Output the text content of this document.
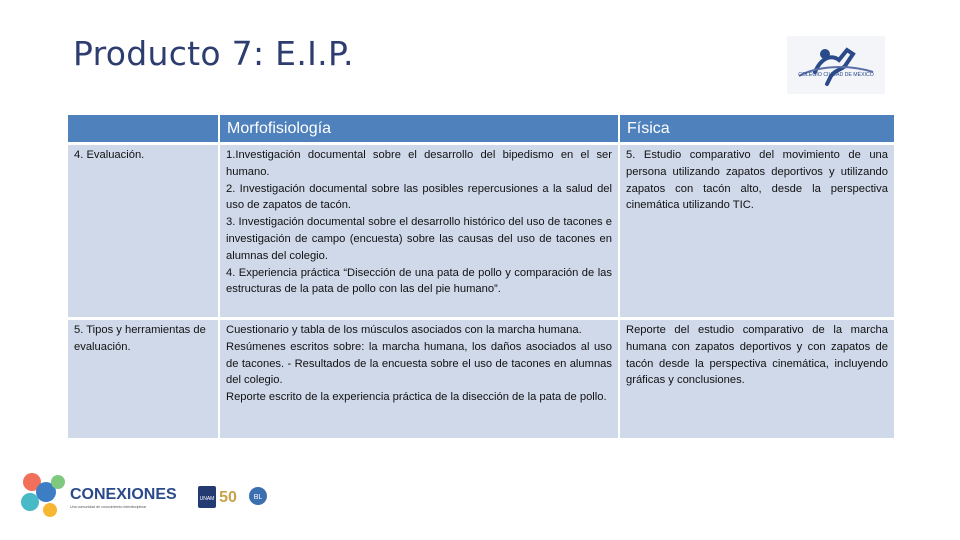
Producto 7: E.I.P.
COLEGIO CIUDAD DE MÉXICO
	Morfofisiología	Física

4. Evaluación.	1.Investigación documental sobre el desarrollo del bipedismo en el ser humano.
2. Investigación documental sobre las posibles repercusiones a la salud del uso de zapatos de tacón.
3. Investigación documental sobre el desarrollo histórico del uso de tacones e investigación de campo (encuesta) sobre las causas del uso de tacones en alumnas del colegio.
4. Experiencia práctica “Disección de una pata de pollo y comparación de las estructuras de la pata de pollo con las del pie humano”.	5. Estudio comparativo del movimiento de una persona utilizando zapatos deportivos y utilizando zapatos con tacón alto, desde la perspectiva cinemática utilizando TIC.

5. Tipos y herramientas de
evaluación.	Cuestionario y tabla de los músculos asociados con la marcha humana.
Resúmenes escritos sobre: la marcha humana, los daños asociados al uso de tacones. - Resultados de la encuesta sobre el uso de tacones en alumnas del colegio.
Reporte escrito de la experiencia práctica de la disección de la pata de pollo.	Reporte del estudio comparativo de la marcha humana con zapatos deportivos y con zapatos de tacón desde la perspectiva cinemática, incluyendo gráficas y conclusiones.
CONEXIONES
Una comunidad de conocimiento interdisciplinar
UNAM 50 BL
